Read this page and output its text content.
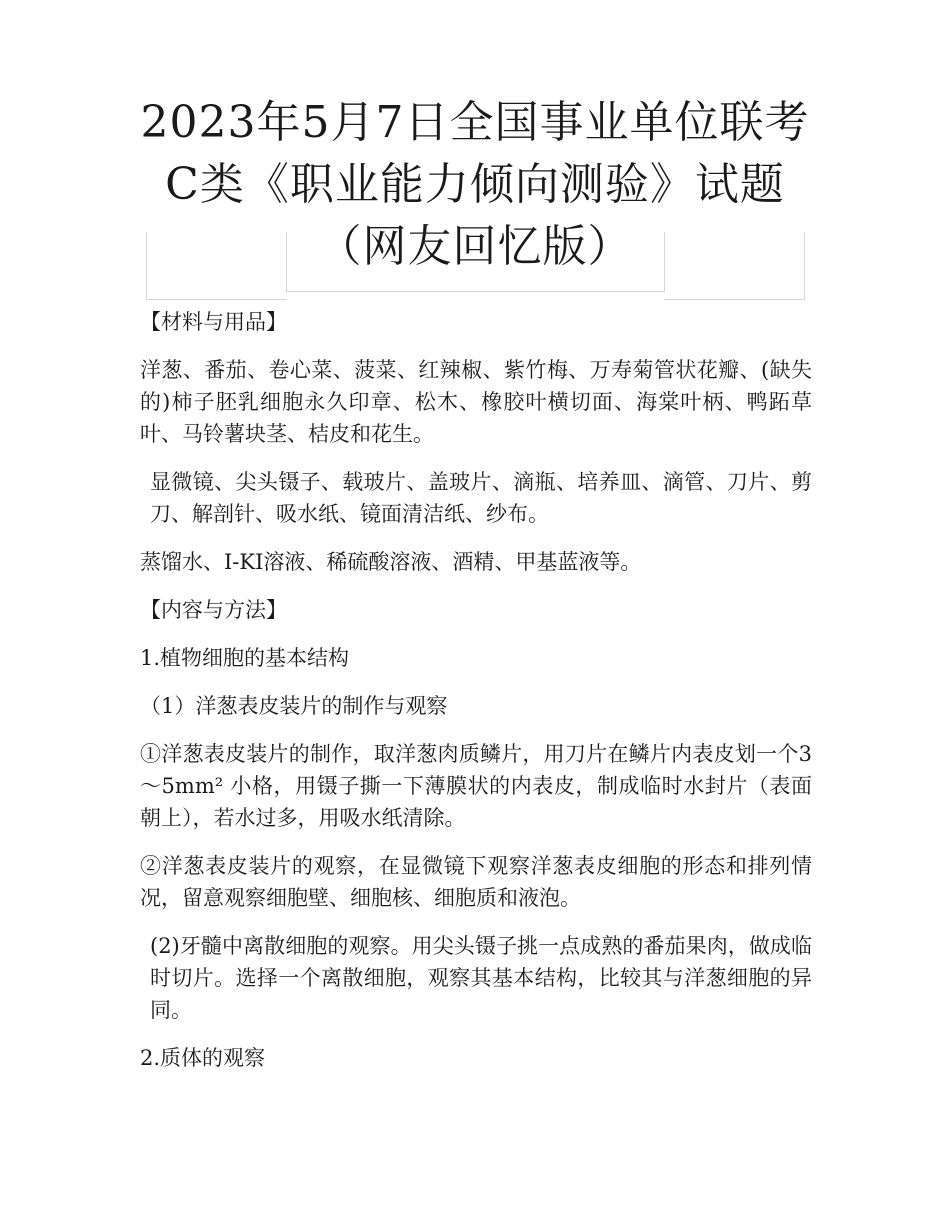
2023年5月7日全国事业单位联考C类《职业能力倾向测验》试题（网友回忆版）

【材料与用品】

洋葱、番茄、卷心菜、菠菜、红辣椒、紫竹梅、万寿菊管状花瓣、(缺失的)柿子胚乳细胞永久印章、松木、橡胶叶横切面、海棠叶柄、鸭跖草叶、马铃薯块茎、桔皮和花生。

显微镜、尖头镊子、载玻片、盖玻片、滴瓶、培养皿、滴管、刀片、剪刀、解剖针、吸水纸、镜面清洁纸、纱布。

蒸馏水、I-KI溶液、稀硫酸溶液、酒精、甲基蓝液等。

【内容与方法】

1.植物细胞的基本结构

（1）洋葱表皮装片的制作与观察

①洋葱表皮装片的制作，取洋葱肉质鳞片，用刀片在鳞片内表皮划一个3～5mm² 小格，用镊子撕一下薄膜状的内表皮，制成临时水封片（表面朝上），若水过多，用吸水纸清除。

②洋葱表皮装片的观察，在显微镜下观察洋葱表皮细胞的形态和排列情况，留意观察细胞壁、细胞核、细胞质和液泡。

(2)牙髓中离散细胞的观察。用尖头镊子挑一点成熟的番茄果肉，做成临时切片。选择一个离散细胞，观察其基本结构，比较其与洋葱细胞的异同。

2.质体的观察
